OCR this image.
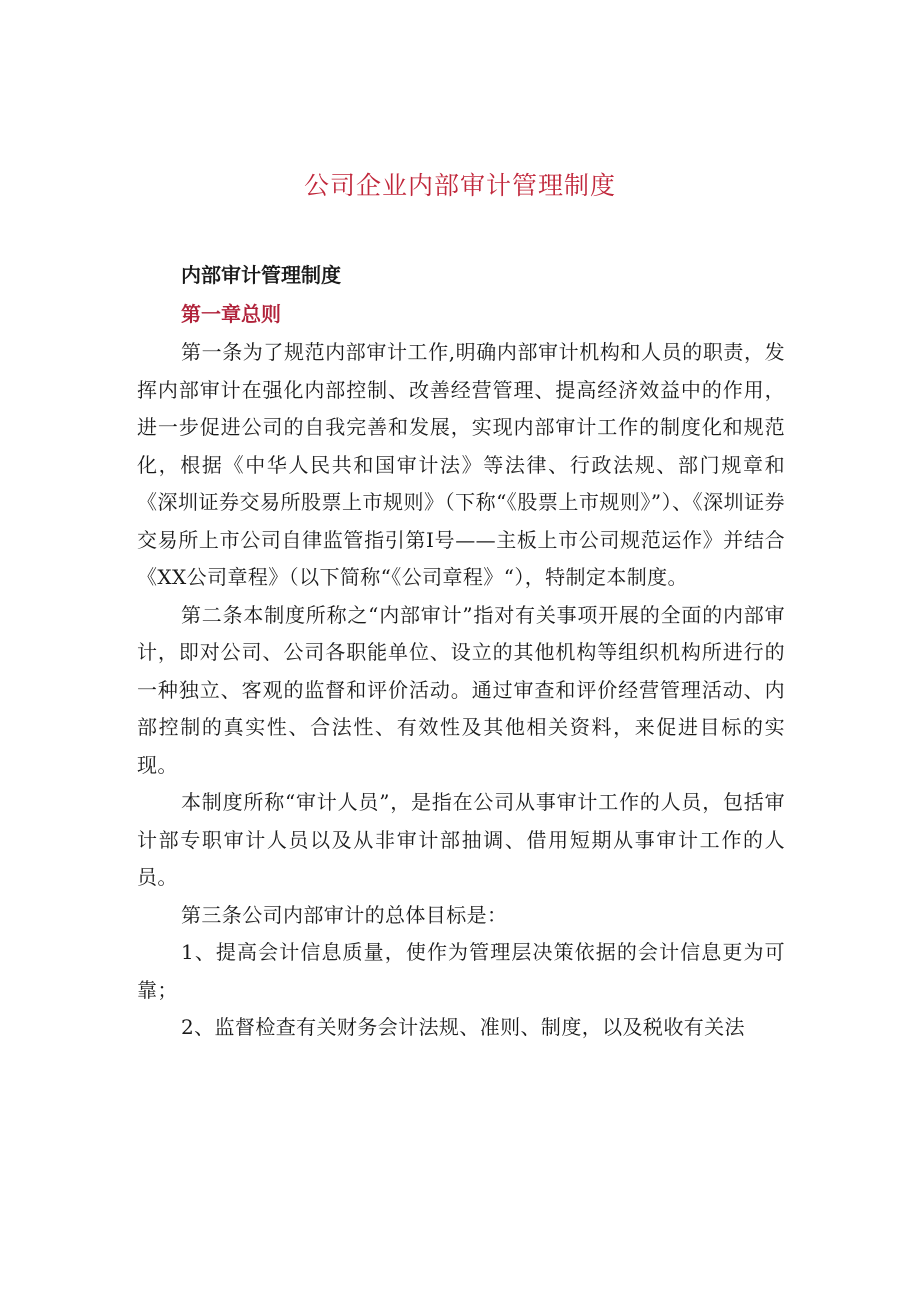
公司企业内部审计管理制度

内部审计管理制度

第一章总则

第一条为了规范内部审计工作,明确内部审计机构和人员的职责，发挥内部审计在强化内部控制、改善经营管理、提高经济效益中的作用，进一步促进公司的自我完善和发展，实现内部审计工作的制度化和规范化，根据《中华人民共和国审计法》等法律、行政法规、部门规章和《深圳证券交易所股票上市规则》（下称“《股票上市规则》”）、《深圳证券交易所上市公司自律监管指引第I号——主板上市公司规范运作》并结合《XX公司章程》（以下简称“《公司章程》“），特制定本制度。

第二条本制度所称之“内部审计”指对有关事项开展的全面的内部审计，即对公司、公司各职能单位、设立的其他机构等组织机构所进行的一种独立、客观的监督和评价活动。通过审查和评价经营管理活动、内部控制的真实性、合法性、有效性及其他相关资料，来促进目标的实现。

本制度所称“审计人员”，是指在公司从事审计工作的人员，包括审计部专职审计人员以及从非审计部抽调、借用短期从事审计工作的人员。

第三条公司内部审计的总体目标是：

1、提高会计信息质量，使作为管理层决策依据的会计信息更为可靠；

2、监督检查有关财务会计法规、准则、制度，以及税收有关法
